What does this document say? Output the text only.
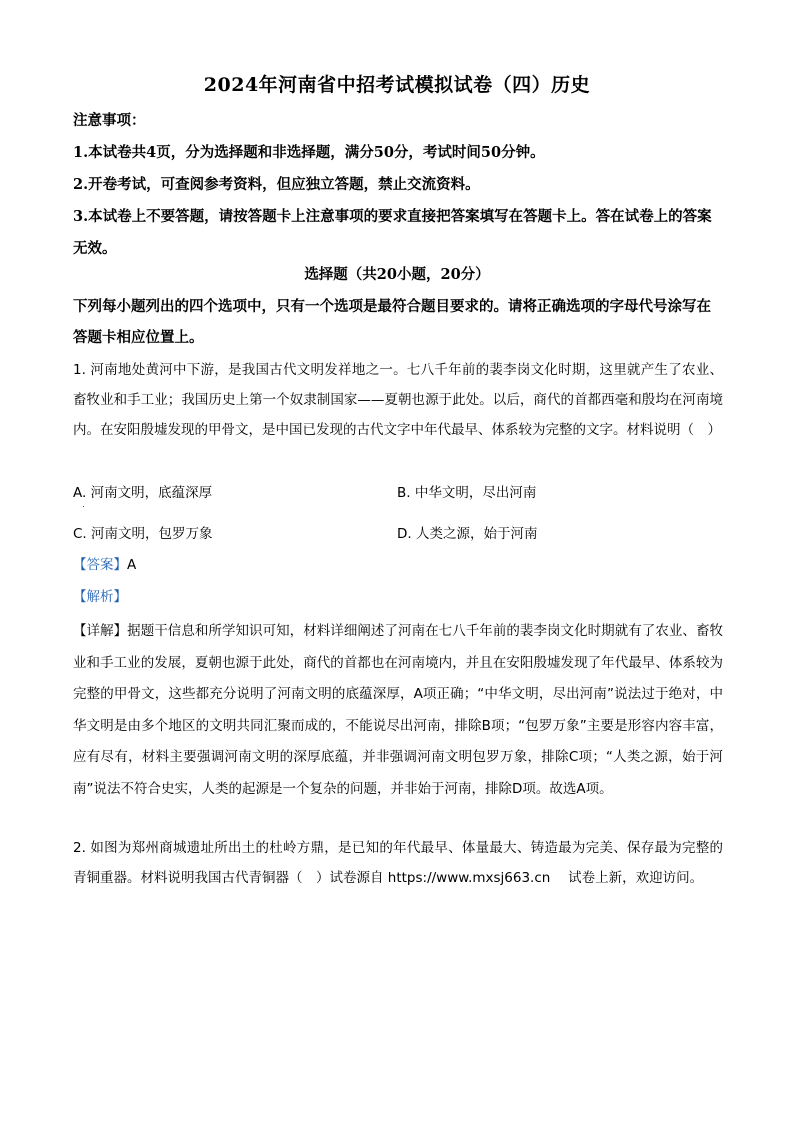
2024年河南省中招考试模拟试卷（四）历史
注意事项：
1.本试卷共4页，分为选择题和非选择题，满分50分，考试时间50分钟。
2.开卷考试，可查阅参考资料，但应独立答题，禁止交流资料。
3.本试卷上不要答题，请按答题卡上注意事项的要求直接把答案填写在答题卡上。答在试卷上的答案无效。
选择题（共20小题，20分）
下列每小题列出的四个选项中，只有一个选项是最符合题目要求的。请将正确选项的字母代号涂写在答题卡相应位置上。
1. 河南地处黄河中下游，是我国古代文明发祥地之一。七八千年前的裴李岗文化时期，这里就产生了农业、畜牧业和手工业；我国历史上第一个奴隶制国家——夏朝也源于此处。以后，商代的首都西毫和殷均在河南境内。在安阳殷墟发现的甲骨文，是中国已发现的古代文字中年代最早、体系较为完整的文字。材料说明（　）
A. 河南文明，底蕴深厚	B. 中华文明，尽出河南
C. 河南文明，包罗万象	D. 人类之源，始于河南
【答案】A
【解析】
【详解】据题干信息和所学知识可知，材料详细阐述了河南在七八千年前的裴李岗文化时期就有了农业、畜牧业和手工业的发展，夏朝也源于此处，商代的首都也在河南境内，并且在安阳殷墟发现了年代最早、体系较为完整的甲骨文，这些都充分说明了河南文明的底蕴深厚，A项正确；“中华文明，尽出河南”说法过于绝对，中华文明是由多个地区的文明共同汇聚而成的，不能说尽出河南，排除B项；“包罗万象”主要是形容内容丰富，应有尽有，材料主要强调河南文明的深厚底蕴，并非强调河南文明包罗万象，排除C项；“人类之源，始于河南”说法不符合史实，人类的起源是一个复杂的问题，并非始于河南，排除D项。故选A项。
2. 如图为郑州商城遗址所出土的杜岭方鼎，是已知的年代最早、体量最大、铸造最为完美、保存最为完整的青铜重器。材料说明我国古代青铜器（　）试卷源自 https://www.mxsj663.cn　 试卷上新，欢迎访问。
